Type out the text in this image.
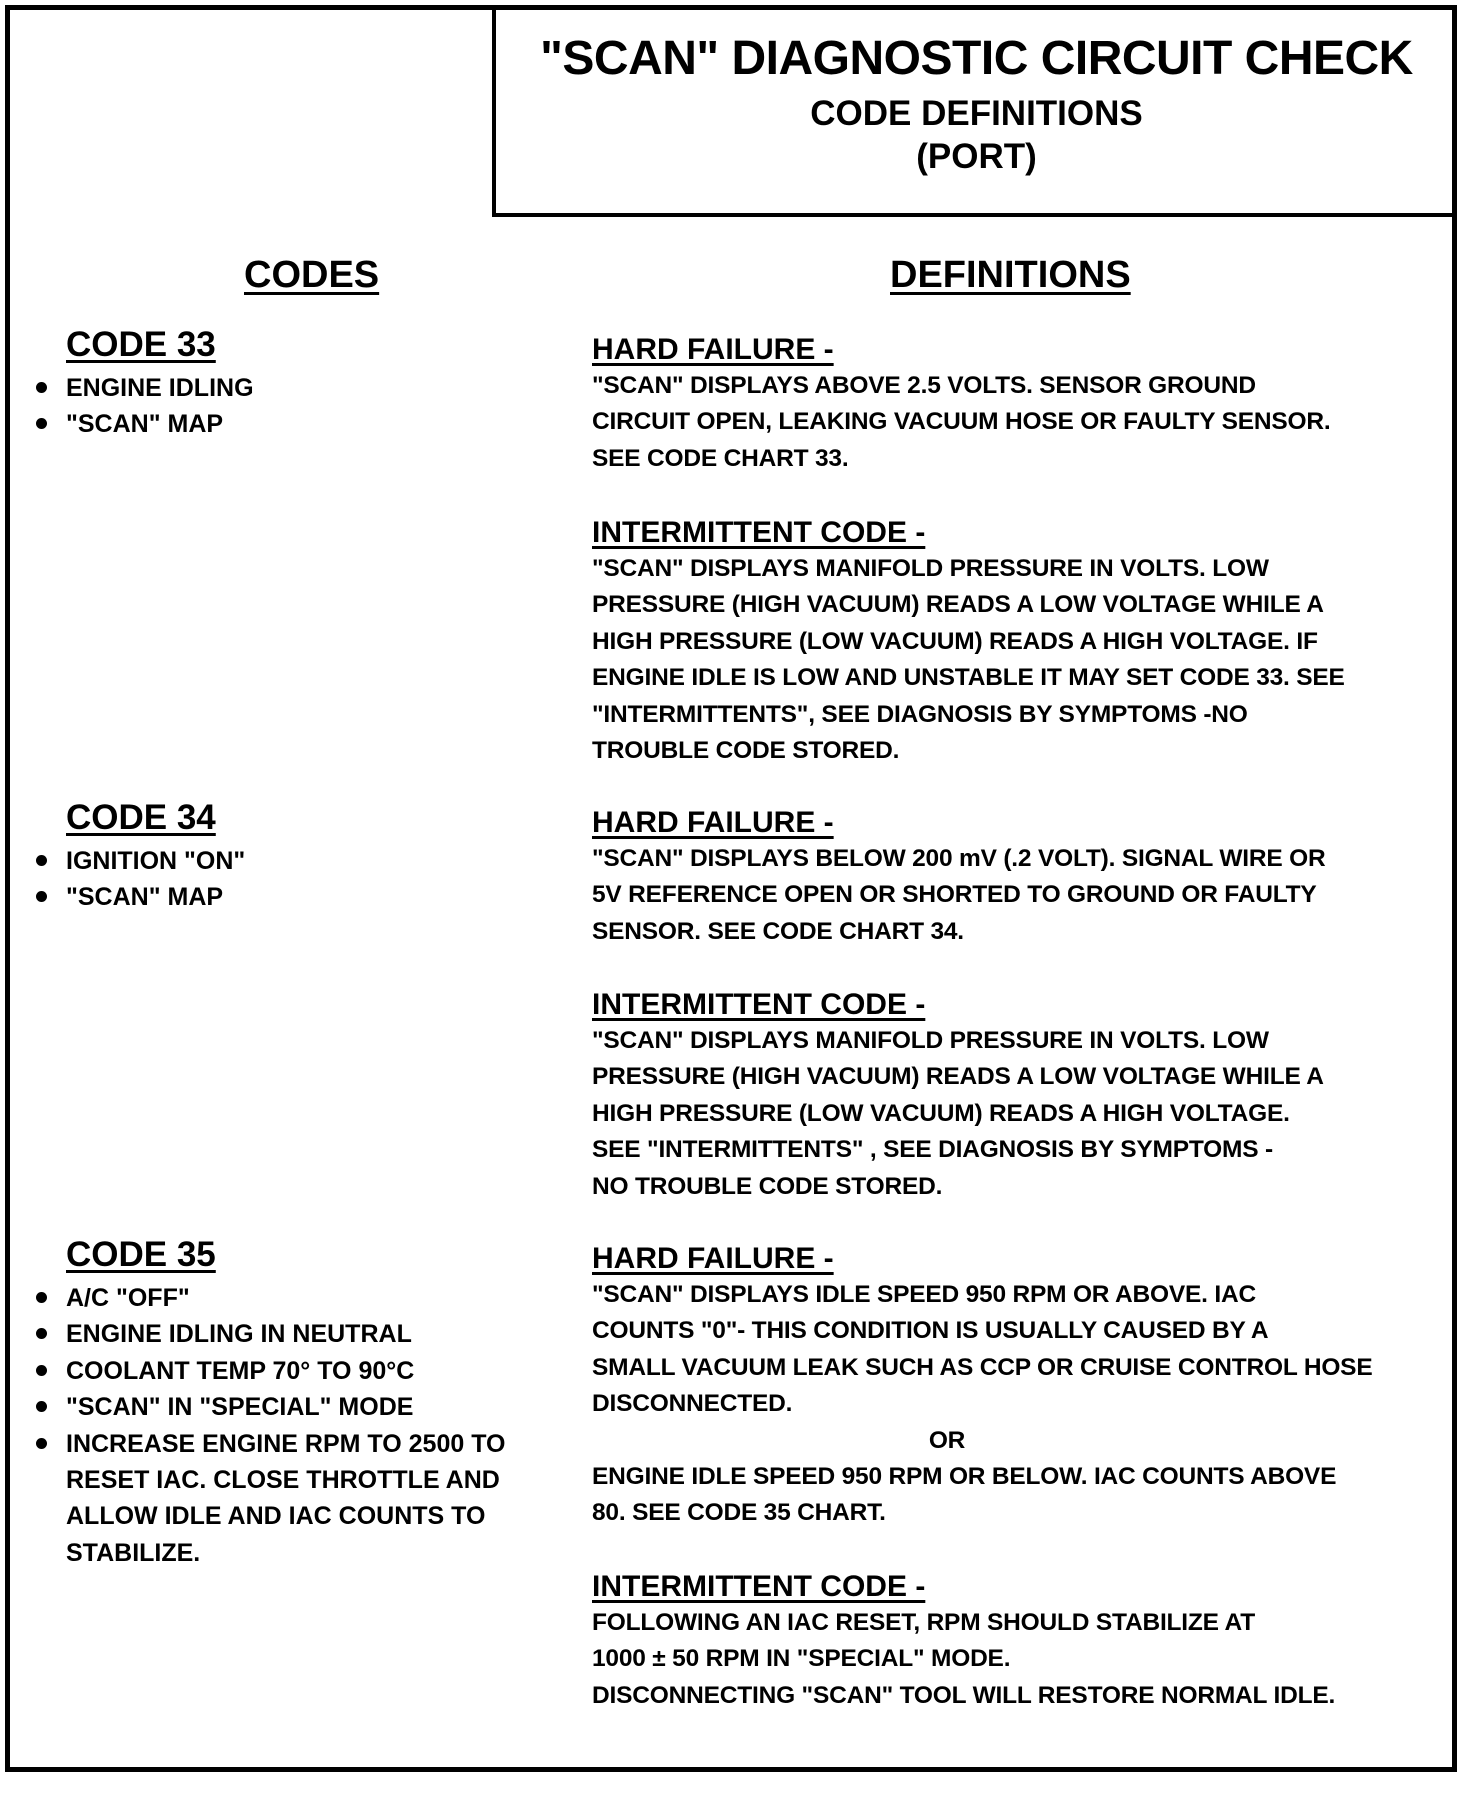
"SCAN" DIAGNOSTIC CIRCUIT CHECK
CODE DEFINITIONS
(PORT)
CODES	DEFINITIONS
CODE 33
ENGINE IDLING
"SCAN" MAP
HARD FAILURE -
"SCAN" DISPLAYS ABOVE 2.5 VOLTS. SENSOR GROUND
CIRCUIT OPEN, LEAKING VACUUM HOSE OR FAULTY SENSOR.
SEE CODE CHART 33.
INTERMITTENT CODE -
"SCAN" DISPLAYS MANIFOLD PRESSURE IN VOLTS. LOW
PRESSURE (HIGH VACUUM) READS A LOW VOLTAGE WHILE A
HIGH PRESSURE (LOW VACUUM) READS A HIGH VOLTAGE. IF
ENGINE IDLE IS LOW AND UNSTABLE IT MAY SET CODE 33. SEE
"INTERMITTENTS", SEE DIAGNOSIS BY SYMPTOMS -NO
TROUBLE CODE STORED.
CODE 34
IGNITION "ON"
"SCAN" MAP
HARD FAILURE -
"SCAN" DISPLAYS BELOW 200 mV (.2 VOLT). SIGNAL WIRE OR
5V REFERENCE OPEN OR SHORTED TO GROUND OR FAULTY
SENSOR. SEE CODE CHART 34.
INTERMITTENT CODE -
"SCAN" DISPLAYS MANIFOLD PRESSURE IN VOLTS. LOW
PRESSURE (HIGH VACUUM) READS A LOW VOLTAGE WHILE A
HIGH PRESSURE (LOW VACUUM) READS A HIGH VOLTAGE.
SEE "INTERMITTENTS" , SEE DIAGNOSIS BY SYMPTOMS -
NO TROUBLE CODE STORED.
CODE 35
A/C "OFF"
ENGINE IDLING IN NEUTRAL
COOLANT TEMP 70° TO 90°C
"SCAN" IN "SPECIAL" MODE
INCREASE ENGINE RPM TO 2500 TO RESET IAC. CLOSE THROTTLE AND ALLOW IDLE AND IAC COUNTS TO STABILIZE.
HARD FAILURE -
"SCAN" DISPLAYS IDLE SPEED 950 RPM OR ABOVE. IAC
COUNTS "0"- THIS CONDITION IS USUALLY CAUSED BY A
SMALL VACUUM LEAK SUCH AS CCP OR CRUISE CONTROL HOSE
DISCONNECTED.
OR
ENGINE IDLE SPEED 950 RPM OR BELOW. IAC COUNTS ABOVE
80. SEE CODE 35 CHART.
INTERMITTENT CODE -
FOLLOWING AN IAC RESET, RPM SHOULD STABILIZE AT
1000 ± 50 RPM IN "SPECIAL" MODE.
DISCONNECTING "SCAN" TOOL WILL RESTORE NORMAL IDLE.
